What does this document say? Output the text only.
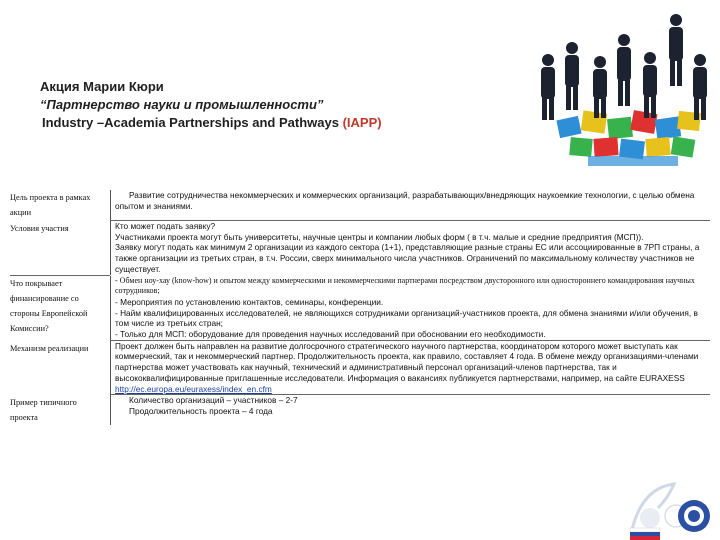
Акция Марии Кюри
“Партнерство науки и промышленности”
Industry –Academia Partnerships and Pathways (IAPP)
Цель проекта в рамках акции

Развитие сотрудничества некоммерческих и коммерческих организаций, разрабатывающих/внедряющих наукоемкие технологии, с целью обмена опытом и знаниями.

Условия участия	Кто может подать заявку?

Участниками проекта могут быть университеты, научные центры и компании любых форм ( в т.ч. малые и средние предприятия (МСП)).

Заявку могут подать как минимум 2 организации из каждого сектора (1+1), представляющие разные страны ЕС или ассоциированные в 7РП страны, а также организации из третьих стран, в т.ч. России, сверх минимального числа участников. Ограничений по максимальному количеству участников не существует.

Что покрывает финансирование со стороны Европейской Комиссии?

- Обмен ноу-хау (know-how) и опытом между коммерческими и некоммерческими партнерами посредством двусторонного или одностороннего командирования научных сотрудников;

- Мероприятия по установлению контактов, семинары, конференции.

- Найм квалифицированных исследователей, не являющихся сотрудниками организаций-участников проекта, для обмена знаниями и/или обучения, в том числе из третьих стран;

- Только для МСП: оборудование для проведения научных исследований при обосновании его необходимости.

Механизм реализации	Проект должен быть направлен на развитие долгосрочного стратегического научного партнерства, координатором которого может выступать как коммерческий, так и некоммерческий партнер. Продолжительность проекта, как правило, составляет 4 года. В обмене между организациями-членами партнерства может участвовать как научный, технический и административный персонал организаций-членов партнерства, так и высококвалифицированные приглашенные исследователи. Информация о вакансиях публикуется партнерствами, например, на сайте EURAXESS

http://ec.europa.eu/euraxess/index_en.cfm

Пример типичного проекта

Количество организаций – участников – 2-7

Продолжительность проекта – 4 года
